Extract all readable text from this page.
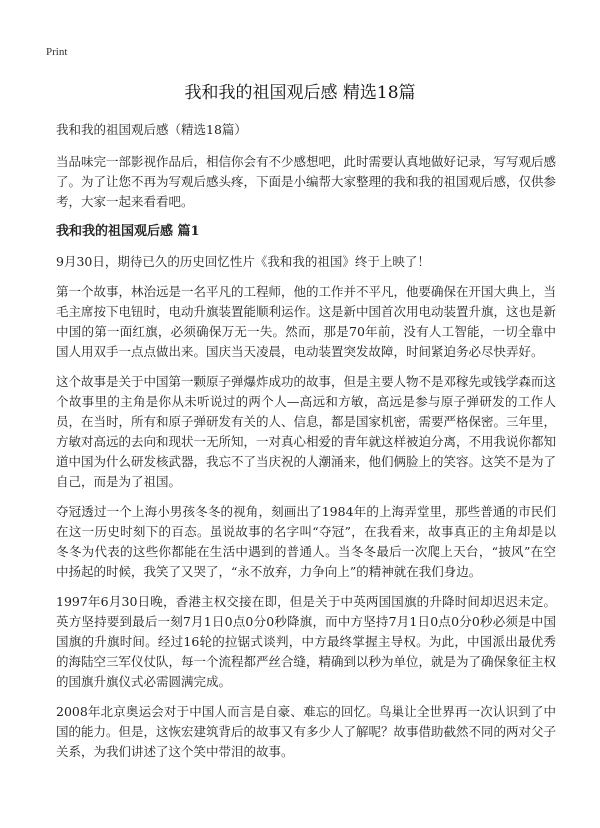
Print
我和我的祖国观后感 精选18篇

我和我的祖国观后感（精选18篇）

当品味完一部影视作品后，相信你会有不少感想吧，此时需要认真地做好记录，写写观后感了。为了让您不再为写观后感头疼，下面是小编帮大家整理的我和我的祖国观后感，仅供参考，大家一起来看看吧。

我和我的祖国观后感 篇1

9月30日，期待已久的历史回忆性片《我和我的祖国》终于上映了！

第一个故事，林治远是一名平凡的工程师，他的工作并不平凡，他要确保在开国大典上，当毛主席按下电钮时，电动升旗装置能顺利运作。这是新中国首次用电动装置升旗，这也是新中国的第一面红旗，必须确保万无一失。然而，那是70年前，没有人工智能，一切全靠中国人用双手一点点做出来。国庆当天凌晨，电动装置突发故障，时间紧迫务必尽快弄好。

这个故事是关于中国第一颗原子弹爆炸成功的故事，但是主要人物不是邓稼先或钱学森而这个故事里的主角是你从未听说过的两个人—高远和方敏，高远是参与原子弹研发的工作人员，在当时，所有和原子弹研发有关的人、信息，都是国家机密，需要严格保密。三年里，方敏对高远的去向和现状一无所知，一对真心相爱的青年就这样被迫分离，不用我说你都知道中国为什么研发核武器，我忘不了当庆祝的人潮涌来，他们俩脸上的笑容。这笑不是为了自己，而是为了祖国。

夺冠透过一个上海小男孩冬冬的视角，刻画出了1984年的上海弄堂里，那些普通的市民们在这一历史时刻下的百态。虽说故事的名字叫“夺冠”，在我看来，故事真正的主角却是以冬冬为代表的这些你都能在生活中遇到的普通人。当冬冬最后一次爬上天台，“披风”在空中扬起的时候，我笑了又哭了，“永不放弃，力争向上”的精神就在我们身边。

1997年6月30日晚，香港主权交接在即，但是关于中英两国国旗的升降时间却迟迟未定。英方坚持要到最后一刻7月1日0点0分0秒降旗，而中方坚持7月1日0点0分0秒必须是中国国旗的升旗时间。经过16轮的拉锯式谈判，中方最终掌握主导权。为此，中国派出最优秀的海陆空三军仪仗队，每一个流程都严丝合缝，精确到以秒为单位，就是为了确保象征主权的国旗升旗仪式必需圆满完成。

2008年北京奥运会对于中国人而言是自豪、难忘的回忆。鸟巢让全世界再一次认识到了中国的能力。但是，这恢宏建筑背后的故事又有多少人了解呢？故事借助截然不同的两对父子关系，为我们讲述了这个笑中带泪的故事。
